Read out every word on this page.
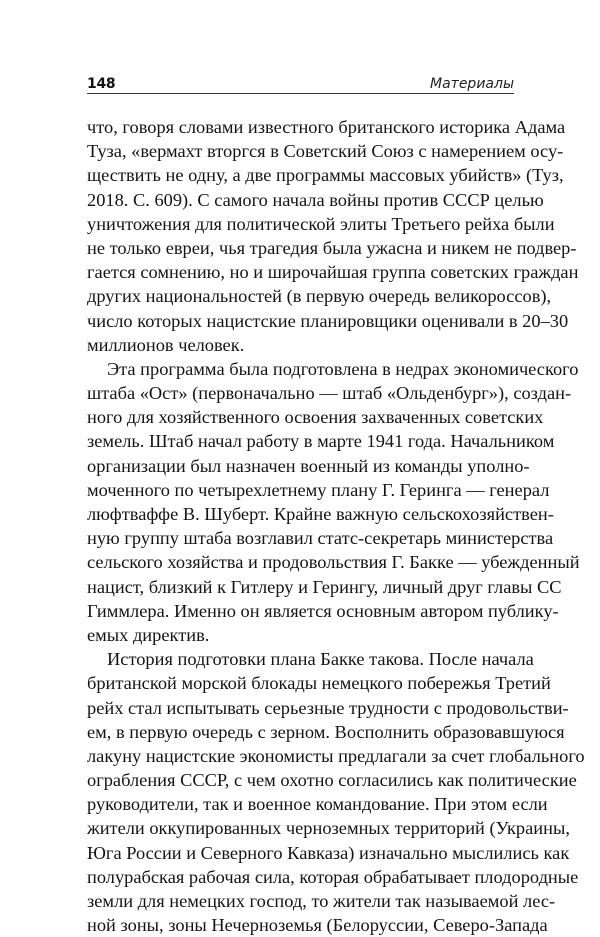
148	Материалы
что, говоря словами известного британского историка Адама
Туза, «вермахт вторгся в Советский Союз с намерением осу-
ществить не одну, а две программы массовых убийств» (Туз,
2018. С. 609). С самого начала войны против СССР целью
уничтожения для политической элиты Третьего рейха были
не только евреи, чья трагедия была ужасна и никем не подвер-
гается сомнению, но и широчайшая группа советских граждан
других национальностей (в первую очередь великороссов),
число которых нацистские планировщики оценивали в 20–30
миллионов человек.
Эта программа была подготовлена в недрах экономического
штаба «Ост» (первоначально — штаб «Ольденбург»), создан-
ного для хозяйственного освоения захваченных советских
земель. Штаб начал работу в марте 1941 года. Начальником
организации был назначен военный из команды уполно-
моченного по четырехлетнему плану Г. Геринга — генерал
люфтваффе В. Шуберт. Крайне важную сельскохозяйствен-
ную группу штаба возглавил статс-секретарь министерства
сельского хозяйства и продовольствия Г. Бакке — убежденный
нацист, близкий к Гитлеру и Герингу, личный друг главы СС
Гиммлера. Именно он является основным автором публику-
емых директив.
История подготовки плана Бакке такова. После начала
британской морской блокады немецкого побережья Третий
рейх стал испытывать серьезные трудности с продовольстви-
ем, в первую очередь с зерном. Восполнить образовавшуюся
лакуну нацистские экономисты предлагали за счет глобального
ограбления СССР, с чем охотно согласились как политические
руководители, так и военное командование. При этом если
жители оккупированных черноземных территорий (Украины,
Юга России и Северного Кавказа) изначально мыслились как
полурабская рабочая сила, которая обрабатывает плодородные
земли для немецких господ, то жители так называемой лес-
ной зоны, зоны Нечерноземья (Белоруссии, Северо-Запада
